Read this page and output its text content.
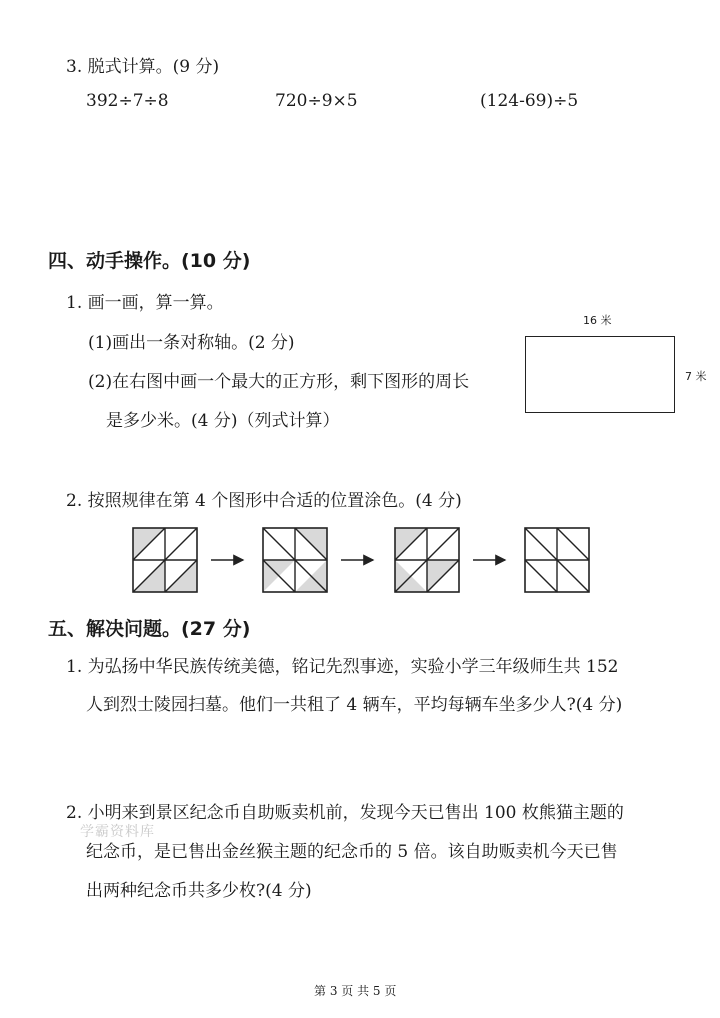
3. 脱式计算。(9 分)
392÷7÷8	720÷9×5	(124-69)÷5
四、动手操作。(10 分)
1. 画一画，算一算。
(1)画出一条对称轴。(2 分)
(2)在右图中画一个最大的正方形，剩下图形的周长
是多少米。(4 分)（列式计算）
16 米
7 米
2. 按照规律在第 4 个图形中合适的位置涂色。(4 分)
五、解决问题。(27 分)
1. 为弘扬中华民族传统美德，铭记先烈事迹，实验小学三年级师生共 152
人到烈士陵园扫墓。他们一共租了 4 辆车，平均每辆车坐多少人?(4 分)
2. 小明来到景区纪念币自助贩卖机前，发现今天已售出 100 枚熊猫主题的
学霸资料库
纪念币，是已售出金丝猴主题的纪念币的 5 倍。该自助贩卖机今天已售
出两种纪念币共多少枚?(4 分)
第 3 页 共 5 页
